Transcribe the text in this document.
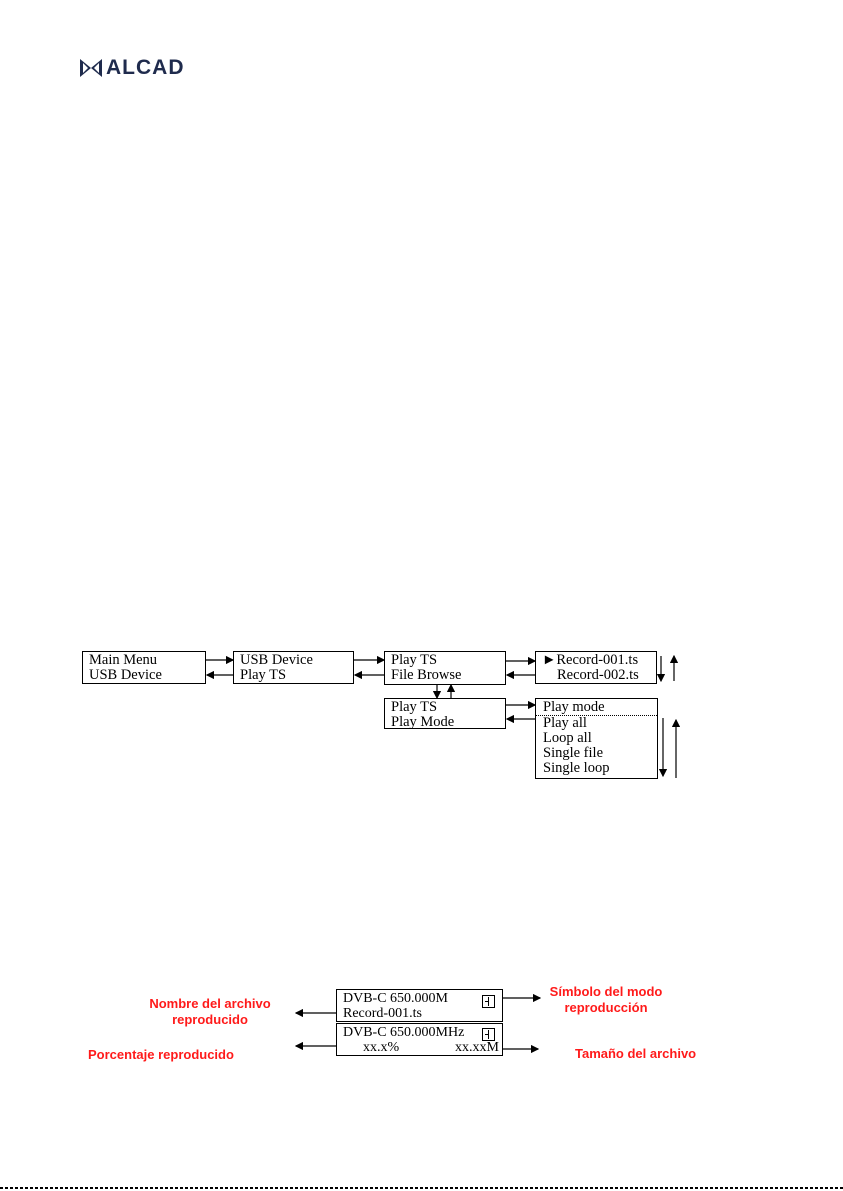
ALCAD
Main Menu
USB Device
USB Device
Play TS
Play TS
File Browse
►Record-001.ts
Record-002.ts
Play TS
Play Mode
Play mode
Play all
Loop all
Single file
Single loop
DVB-C 650.000M
Record-001.ts
DVB-C 650.000MHz
xx.x%	xx.xxM
Nombre del archivo
reproducido
Símbolo del modo
reproducción
Porcentaje reproducido	Tamaño del archivo
